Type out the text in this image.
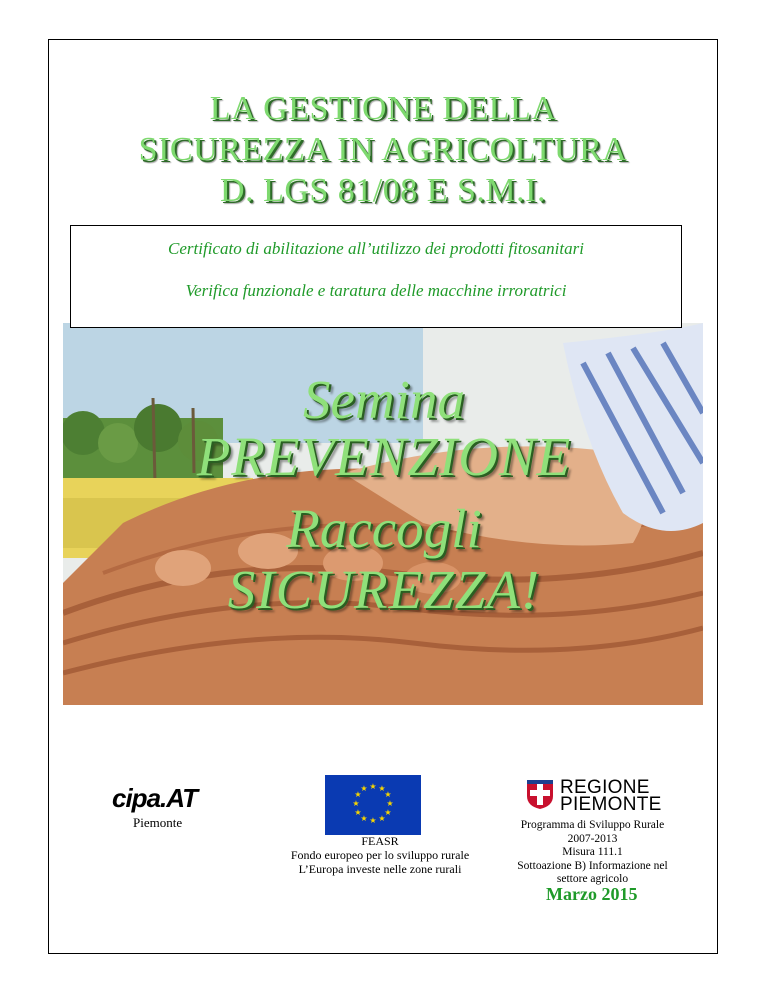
LA GESTIONE DELLA
SICUREZZA IN AGRICOLTURA
D. LGS 81/08 E S.M.I.
Certificato di abilitazione all’utilizzo dei prodotti fitosanitari
Verifica funzionale e taratura delle macchine irroratrici
Semina
PREVENZIONE
Raccogli
SICUREZZA!
cipa.AT
Piemonte
★ ★
★
★
★
★
★
★
★
★
★
★
FEASR
Fondo europeo per lo sviluppo rurale
L’Europa investe nelle zone rurali
REGIONE
PIEMONTE
Programma di Sviluppo Rurale
2007-2013
Misura 111.1
Sottoazione B) Informazione nel
settore agricolo
Marzo 2015
